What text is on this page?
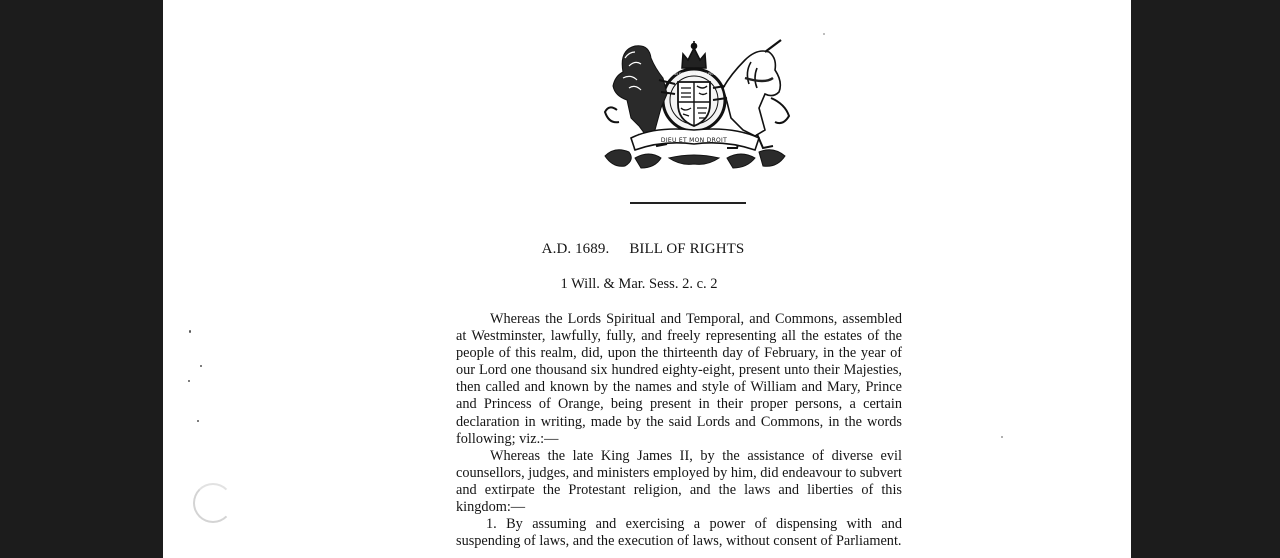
DIEU ET MON DROIT
HONI SOIT QUI MAL Y PENSE
A.D. 1689. BILL OF RIGHTS
1 Will. & Mar. Sess. 2. c. 2

Whereas the Lords Spiritual and Temporal, and Commons, assembled at Westminster, lawfully, fully, and freely representing all the estates of the people of this realm, did, upon the thirteenth day of February, in the year of our Lord one thousand six hundred eighty-eight, present unto their Majesties, then called and known by the names and style of William and Mary, Prince and Princess of Orange, being present in their proper persons, a certain declaration in writing, made by the said Lords and Commons, in the words following; viz.:—

Whereas the late King James II, by the assistance of diverse evil counsellors, judges, and ministers employed by him, did endeavour to subvert and extirpate the Protestant religion, and the laws and liberties of this kingdom:—

1. By assuming and exercising a power of dispensing with and suspending of laws, and the execution of laws, without consent of Parliament.
